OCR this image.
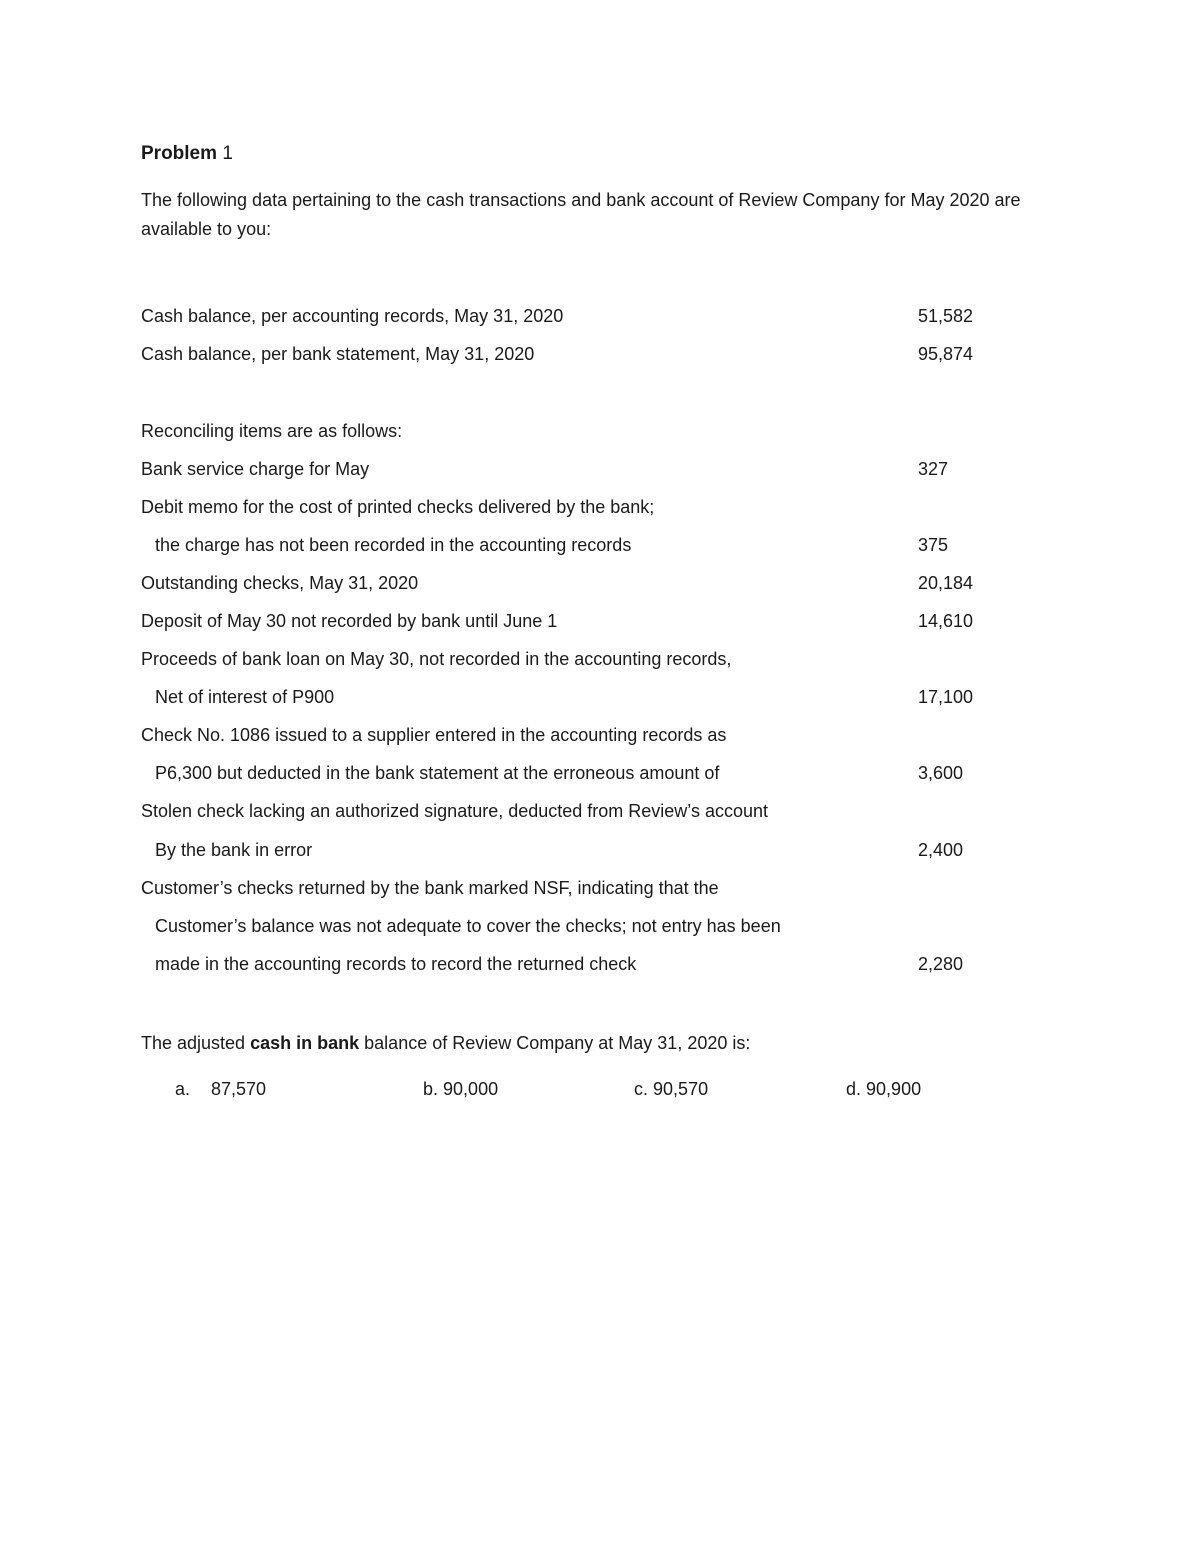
Problem 1
The following data pertaining to the cash transactions and bank account of Review Company for May 2020 are available to you:
Cash balance, per accounting records, May 31, 2020	51,582
Cash balance, per bank statement, May 31, 2020	95,874
Reconciling items are as follows:
Bank service charge for May	327
Debit memo for the cost of printed checks delivered by the bank;
the charge has not been recorded in the accounting records	375
Outstanding checks, May 31, 2020	20,184
Deposit of May 30 not recorded by bank until June 1	14,610
Proceeds of bank loan on May 30, not recorded in the accounting records,
Net of interest of P900	17,100
Check No. 1086 issued to a supplier entered in the accounting records as
P6,300 but deducted in the bank statement at the erroneous amount of	3,600
Stolen check lacking an authorized signature, deducted from Review’s account
By the bank in error	2,400
Customer’s checks returned by the bank marked NSF, indicating that the
Customer’s balance was not adequate to cover the checks; not entry has been
made in the accounting records to record the returned check	2,280
The adjusted cash in bank balance of Review Company at May 31, 2020 is:
a. 87,570	b. 90,000	c. 90,570	d. 90,900
